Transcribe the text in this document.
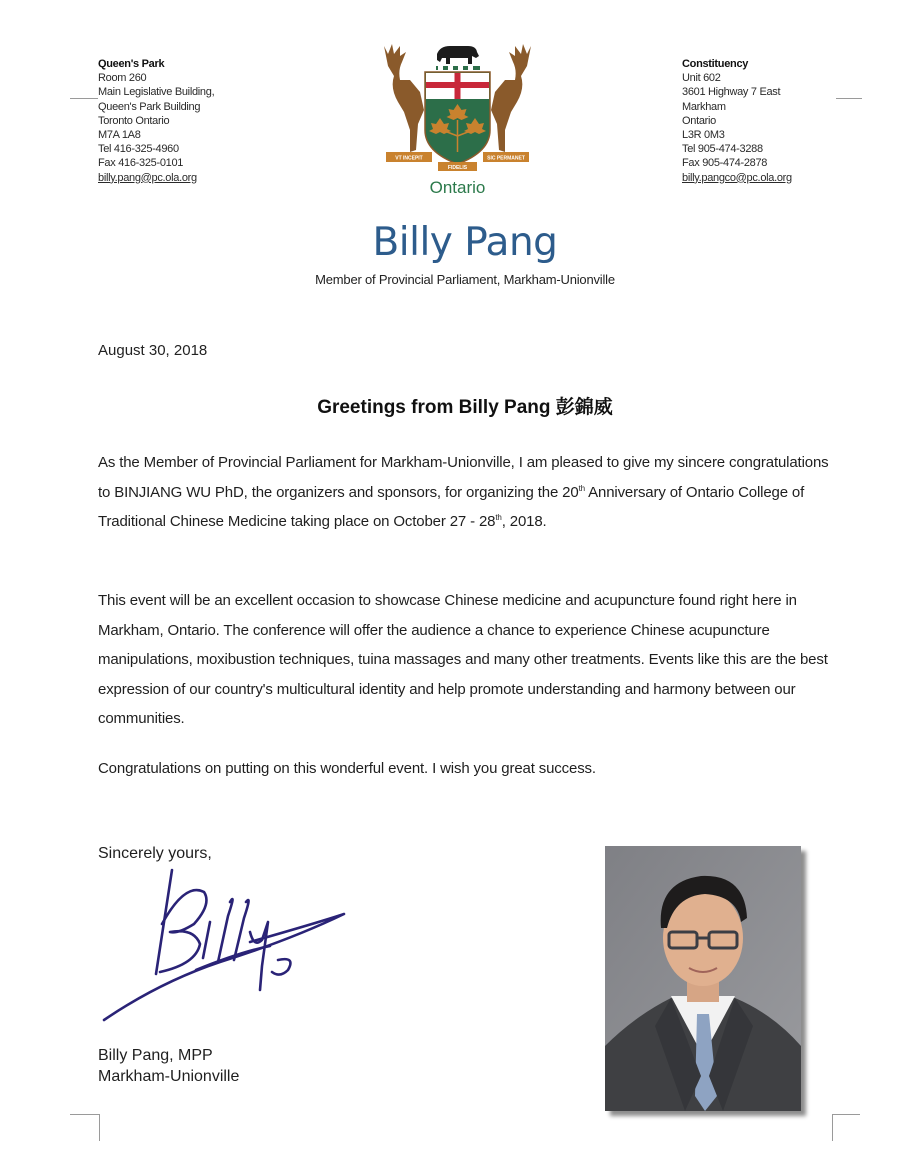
Queen's Park
Room 260
Main Legislative Building,
Queen's Park Building
Toronto Ontario
M7A 1A8
Tel 416-325-4960
Fax 416-325-0101
billy.pang@pc.ola.org
VT INCEPIT	SIC PERMANET
FIDELIS
Ontario
Constituency
Unit 602
3601 Highway 7 East
Markham
Ontario
L3R 0M3
Tel 905-474-3288
Fax 905-474-2878
billy.pangco@pc.ola.org
Billy Pang
Member of Provincial Parliament, Markham-Unionville
August 30, 2018
Greetings from Billy Pang 彭錦威
As the Member of Provincial Parliament for Markham-Unionville, I am pleased to give my sincere congratulations to BINJIANG WU PhD, the organizers and sponsors, for organizing the 20th Anniversary of Ontario College of Traditional Chinese Medicine taking place on October 27 - 28th, 2018.
This event will be an excellent occasion to showcase Chinese medicine and acupuncture found right here in Markham, Ontario. The conference will offer the audience a chance to experience Chinese acupuncture manipulations, moxibustion techniques, tuina massages and many other treatments. Events like this are the best expression of our country's multicultural identity and help promote understanding and harmony between our communities.
Congratulations on putting on this wonderful event. I wish you great success.
Sincerely yours,
Billy Pang, MPP
Markham-Unionville
